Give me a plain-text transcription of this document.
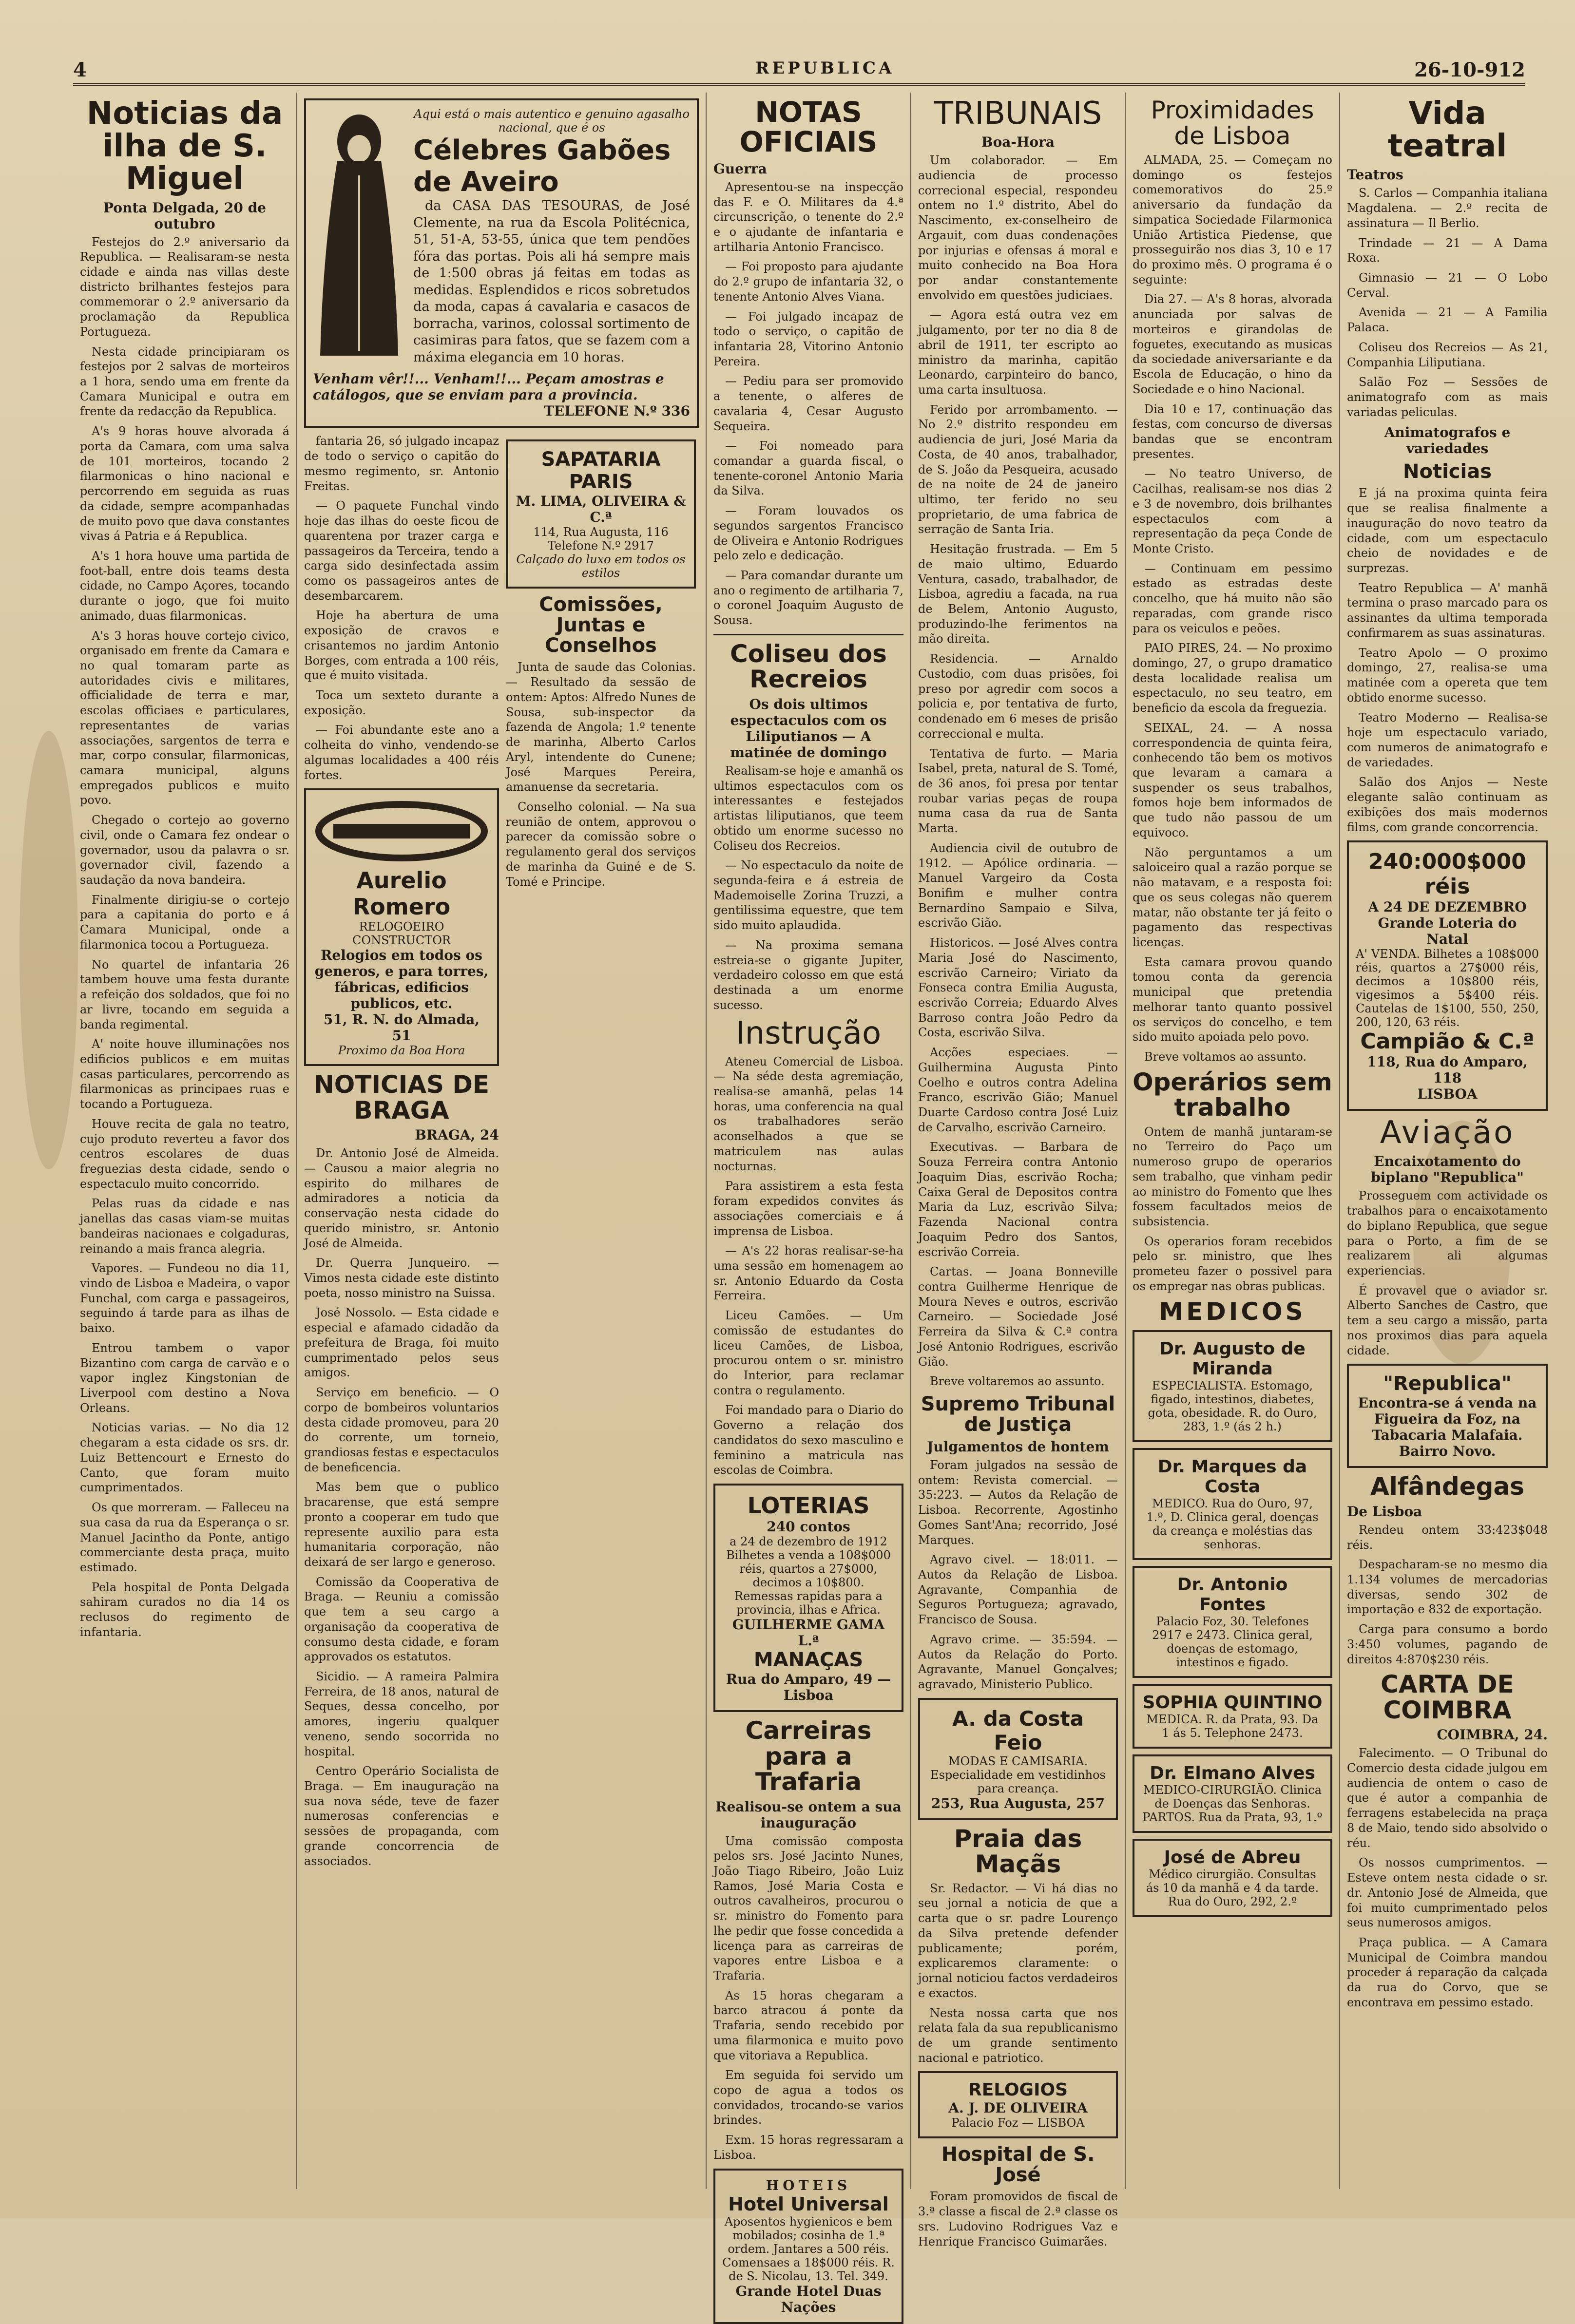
4	REPUBLICA	26-10-912
Noticias da ilha de S. Miguel
Ponta Delgada, 20 de outubro

Festejos do 2.º aniversario da Republica. — Realisaram-se nesta cidade e ainda nas villas deste districto brilhantes festejos para commemorar o 2.º aniversario da proclamação da Republica Portugueza.

Nesta cidade principiaram os festejos por 2 salvas de morteiros a 1 hora, sendo uma em frente da Camara Municipal e outra em frente da redacção da Republica.

A's 9 horas houve alvorada á porta da Camara, com uma salva de 101 morteiros, tocando 2 filarmonicas o hino nacional e percorrendo em seguida as ruas da cidade, sempre acompanhadas de muito povo que dava constantes vivas á Patria e á Republica.

A's 1 hora houve uma partida de foot-ball, entre dois teams desta cidade, no Campo Açores, tocando durante o jogo, que foi muito animado, duas filarmonicas.

A's 3 horas houve cortejo civico, organisado em frente da Camara e no qual tomaram parte as autoridades civis e militares, officialidade de terra e mar, escolas officiaes e particulares, representantes de varias associações, sargentos de terra e mar, corpo consular, filarmonicas, camara municipal, alguns empregados publicos e muito povo.

Chegado o cortejo ao governo civil, onde o Camara fez ondear o governador, usou da palavra o sr. governador civil, fazendo a saudação da nova bandeira.

Finalmente dirigiu-se o cortejo para a capitania do porto e á Camara Municipal, onde a filarmonica tocou a Portugueza.

No quartel de infantaria 26 tambem houve uma festa durante a refeição dos soldados, que foi no ar livre, tocando em seguida a banda regimental.

A' noite houve illuminações nos edificios publicos e em muitas casas particulares, percorrendo as filarmonicas as principaes ruas e tocando a Portugueza.

Houve recita de gala no teatro, cujo produto reverteu a favor dos centros escolares de duas freguezias desta cidade, sendo o espectaculo muito concorrido.

Pelas ruas da cidade e nas janellas das casas viam-se muitas bandeiras nacionaes e colgaduras, reinando a mais franca alegria.

Vapores. — Fundeou no dia 11, vindo de Lisboa e Madeira, o vapor Funchal, com carga e passageiros, seguindo á tarde para as ilhas de baixo.

Entrou tambem o vapor Bizantino com carga de carvão e o vapor inglez Kingstonian de Liverpool com destino a Nova Orleans.

Noticias varias. — No dia 12 chegaram a esta cidade os srs. dr. Luiz Bettencourt e Ernesto do Canto, que foram muito cumprimentados.

Os que morreram. — Falleceu na sua casa da rua da Esperança o sr. Manuel Jacintho da Ponte, antigo commerciante desta praça, muito estimado.

Pela hospital de Ponta Delgada sahiram curados no dia 14 os reclusos do regimento de infantaria.

Aqui está o mais autentico e genuino agasalho nacional, que é os
Célebres Gabões de Aveiro
da CASA DAS TESOURAS, de José Clemente, na rua da Escola Politécnica, 51, 51-A, 53-55, única que tem pendões fóra das portas. Pois ali há sempre mais de 1:500 obras já feitas em todas as medidas. Esplendidos e ricos sobretudos da moda, capas á cavalaria e casacos de borracha, varinos, colossal sortimento de casimiras para fatos, que se fazem com a máxima elegancia em 10 horas.
Venham vêr!!... Venham!!... Peçam amostras e catálogos, que se enviam para a provincia.
TELEFONE N.º 336

fantaria 26, só julgado incapaz de todo o serviço o capitão do mesmo regimento, sr. Antonio Freitas.

— O paquete Funchal vindo hoje das ilhas do oeste ficou de quarentena por trazer carga e passageiros da Terceira, tendo a carga sido desinfectada assim como os passageiros antes de desembarcarem.

Hoje ha abertura de uma exposição de cravos e crisantemos no jardim Antonio Borges, com entrada a 100 réis, que é muito visitada.

Toca um sexteto durante a exposição.

— Foi abundante este ano a colheita do vinho, vendendo-se algumas localidades a 400 réis fortes.

Aurelio Romero
RELOGOEIRO CONSTRUCTOR
Relogios em todos os generos, e para torres, fábricas, edificios publicos, etc.
51, R. N. do Almada, 51
Proximo da Boa Hora
NOTICIAS DE BRAGA
BRAGA, 24

Dr. Antonio José de Almeida. — Causou a maior alegria no espirito do milhares de admiradores a noticia da conservação nesta cidade do querido ministro, sr. Antonio José de Almeida.

Dr. Querra Junqueiro. — Vimos nesta cidade este distinto poeta, nosso ministro na Suissa.

José Nossolo. — Esta cidade e especial e afamado cidadão da prefeitura de Braga, foi muito cumprimentado pelos seus amigos.

Serviço em beneficio. — O corpo de bombeiros voluntarios desta cidade promoveu, para 20 do corrente, um torneio, grandiosas festas e espectaculos de beneficencia.

Mas bem que o publico bracarense, que está sempre pronto a cooperar em tudo que represente auxilio para esta humanitaria corporação, não deixará de ser largo e generoso.

Comissão da Cooperativa de Braga. — Reuniu a comissão que tem a seu cargo a organisação da cooperativa de consumo desta cidade, e foram approvados os estatutos.

Sicidio. — A rameira Palmira Ferreira, de 18 anos, natural de Seques, dessa concelho, por amores, ingeriu qualquer veneno, sendo socorrida no hospital.

Centro Operário Socialista de Braga. — Em inauguração na sua nova séde, teve de fazer numerosas conferencias e sessões de propaganda, com grande concorrencia de associados.

SAPATARIA PARIS
M. LIMA, OLIVEIRA & C.ª
114, Rua Augusta, 116
Telefone N.º 2917
Calçado do luxo em todos os estilos
Comissões, Juntas e Conselhos

Junta de saude das Colonias. — Resultado da sessão de ontem: Aptos: Alfredo Nunes de Sousa, sub-inspector da fazenda de Angola; 1.º tenente de marinha, Alberto Carlos Aryl, intendente do Cunene; José Marques Pereira, amanuense da secretaria.

Conselho colonial. — Na sua reunião de ontem, approvou o parecer da comissão sobre o regulamento geral dos serviços de marinha da Guiné e de S. Tomé e Principe.

NOTAS OFICIAIS
Guerra

Apresentou-se na inspecção das F. e O. Militares da 4.ª circunscrição, o tenente do 2.º e o ajudante de infantaria e artilharia Antonio Francisco.

— Foi proposto para ajudante do 2.º grupo de infantaria 32, o tenente Antonio Alves Viana.

— Foi julgado incapaz de todo o serviço, o capitão de infantaria 28, Vitorino Antonio Pereira.

— Pediu para ser promovido a tenente, o alferes de cavalaria 4, Cesar Augusto Sequeira.

— Foi nomeado para comandar a guarda fiscal, o tenente-coronel Antonio Maria da Silva.

— Foram louvados os segundos sargentos Francisco de Oliveira e Antonio Rodrigues pelo zelo e dedicação.

— Para comandar durante um ano o regimento de artilharia 7, o coronel Joaquim Augusto de Sousa.

Coliseu dos Recreios
Os dois ultimos espectaculos com os Liliputianos — A matinée de domingo

Realisam-se hoje e amanhã os ultimos espectaculos com os interessantes e festejados artistas liliputianos, que teem obtido um enorme sucesso no Coliseu dos Recreios.

— No espectaculo da noite de segunda-feira e á estreia de Mademoiselle Zorina Truzzi, a gentilissima equestre, que tem sido muito aplaudida.

— Na proxima semana estreia-se o gigante Jupiter, verdadeiro colosso em que está destinada a um enorme sucesso.

Instrução

Ateneu Comercial de Lisboa. — Na séde desta agremiação, realisa-se amanhã, pelas 14 horas, uma conferencia na qual os trabalhadores serão aconselhados a que se matriculem nas aulas nocturnas.

Para assistirem a esta festa foram expedidos convites ás associações comerciais e á imprensa de Lisboa.

— A's 22 horas realisar-se-ha uma sessão em homenagem ao sr. Antonio Eduardo da Costa Ferreira.

Liceu Camões. — Um comissão de estudantes do liceu Camões, de Lisboa, procurou ontem o sr. ministro do Interior, para reclamar contra o regulamento.

Foi mandado para o Diario do Governo a relação dos candidatos do sexo masculino e feminino a matricula nas escolas de Coimbra.

LOTERIAS
240 contos
a 24 de dezembro de 1912
Bilhetes a venda a 108$000 réis, quartos a 27$000, decimos a 10$800. Remessas rapidas para a provincia, ilhas e Africa.
GUILHERME GAMA L.ª
MANAÇAS
Rua do Amparo, 49 — Lisboa
Carreiras para a Trafaria
Realisou-se ontem a sua inauguração

Uma comissão composta pelos srs. José Jacinto Nunes, João Tiago Ribeiro, João Luiz Ramos, José Maria Costa e outros cavalheiros, procurou o sr. ministro do Fomento para lhe pedir que fosse concedida a licença para as carreiras de vapores entre Lisboa e a Trafaria.

As 15 horas chegaram a barco atracou á ponte da Trafaria, sendo recebido por uma filarmonica e muito povo que vitoriava a Republica.

Em seguida foi servido um copo de agua a todos os convidados, trocando-se varios brindes.

Exm. 15 horas regressaram a Lisboa.

HOTEIS
Hotel Universal
Aposentos hygienicos e bem mobilados; cosinha de 1.ª ordem. Jantares a 500 réis. Comensaes a 18$000 réis. R. de S. Nicolau, 13. Tel. 349.
Grande Hotel Duas Nações
TRIBUNAIS
Boa-Hora

Um colaborador. — Em audiencia de processo correcional especial, respondeu ontem no 1.º distrito, Abel do Nascimento, ex-conselheiro de Argauit, com duas condenações por injurias e ofensas á moral e muito conhecido na Boa Hora por andar constantemente envolvido em questões judiciaes.

— Agora está outra vez em julgamento, por ter no dia 8 de abril de 1911, ter escripto ao ministro da marinha, capitão Leonardo, carpinteiro do banco, uma carta insultuosa.

Ferido por arrombamento. — No 2.º distrito respondeu em audiencia de juri, José Maria da Costa, de 40 anos, trabalhador, de S. João da Pesqueira, acusado de na noite de 24 de janeiro ultimo, ter ferido no seu proprietario, de uma fabrica de serração de Santa Iria.

Hesitação frustrada. — Em 5 de maio ultimo, Eduardo Ventura, casado, trabalhador, de Lisboa, agrediu a facada, na rua de Belem, Antonio Augusto, produzindo-lhe ferimentos na mão direita.

Residencia. — Arnaldo Custodio, com duas prisões, foi preso por agredir com socos a policia e, por tentativa de furto, condenado em 6 meses de prisão correccional e multa.

Tentativa de furto. — Maria Isabel, preta, natural de S. Tomé, de 36 anos, foi presa por tentar roubar varias peças de roupa numa casa da rua de Santa Marta.

Audiencia civil de outubro de 1912. — Apólice ordinaria. — Manuel Vargeiro da Costa Bonifim e mulher contra Bernardino Sampaio e Silva, escrivão Gião.

Historicos. — José Alves contra Maria José do Nascimento, escrivão Carneiro; Viriato da Fonseca contra Emilia Augusta, escrivão Correia; Eduardo Alves Barroso contra João Pedro da Costa, escrivão Silva.

Acções especiaes. — Guilhermina Augusta Pinto Coelho e outros contra Adelina Franco, escrivão Gião; Manuel Duarte Cardoso contra José Luiz de Carvalho, escrivão Carneiro.

Executivas. — Barbara de Souza Ferreira contra Antonio Joaquim Dias, escrivão Rocha; Caixa Geral de Depositos contra Maria da Luz, escrivão Silva; Fazenda Nacional contra Joaquim Pedro dos Santos, escrivão Correia.

Cartas. — Joana Bonneville contra Guilherme Henrique de Moura Neves e outros, escrivão Carneiro. — Sociedade José Ferreira da Silva & C.ª contra José Antonio Rodrigues, escrivão Gião.

Breve voltaremos ao assunto.

Supremo Tribunal de Justiça
Julgamentos de hontem

Foram julgados na sessão de ontem: Revista comercial. — 35:223. — Autos da Relação de Lisboa. Recorrente, Agostinho Gomes Sant'Ana; recorrido, José Marques.

Agravo civel. — 18:011. — Autos da Relação de Lisboa. Agravante, Companhia de Seguros Portugueza; agravado, Francisco de Sousa.

Agravo crime. — 35:594. — Autos da Relação do Porto. Agravante, Manuel Gonçalves; agravado, Ministerio Publico.

A. da Costa Feio
MODAS E CAMISARIA. Especialidade em vestidinhos para creança.
253, Rua Augusta, 257
Praia das Maçãs

Sr. Redactor. — Vi há dias no seu jornal a noticia de que a carta que o sr. padre Lourenço da Silva pretende defender publicamente; porém, explicaremos claramente: o jornal noticiou factos verdadeiros e exactos.

Nesta nossa carta que nos relata fala da sua republicanismo de um grande sentimento nacional e patriotico.

RELOGIOS
A. J. DE OLIVEIRA
Palacio Foz — LISBOA
Hospital de S. José
Foram promovidos de fiscal de 3.ª classe a fiscal de 2.ª classe os srs. Ludovino Rodrigues Vaz e Henrique Francisco Guimarães.
Proximidades de Lisboa

ALMADA, 25. — Começam no domingo os festejos comemorativos do 25.º aniversario da fundação da simpatica Sociedade Filarmonica União Artistica Piedense, que prosseguirão nos dias 3, 10 e 17 do proximo mês. O programa é o seguinte:

Dia 27. — A's 8 horas, alvorada anunciada por salvas de morteiros e girandolas de foguetes, executando as musicas da sociedade aniversariante e da Escola de Educação, o hino da Sociedade e o hino Nacional.

Dia 10 e 17, continuação das festas, com concurso de diversas bandas que se encontram presentes.

— No teatro Universo, de Cacilhas, realisam-se nos dias 2 e 3 de novembro, dois brilhantes espectaculos com a representação da peça Conde de Monte Cristo.

— Continuam em pessimo estado as estradas deste concelho, que há muito não são reparadas, com grande risco para os veiculos e peões.

PAIO PIRES, 24. — No proximo domingo, 27, o grupo dramatico desta localidade realisa um espectaculo, no seu teatro, em beneficio da escola da freguezia.

SEIXAL, 24. — A nossa correspondencia de quinta feira, conhecendo tão bem os motivos que levaram a camara a suspender os seus trabalhos, fomos hoje bem informados de que tudo não passou de um equivoco.

Não perguntamos a um saloiceiro qual a razão porque se não matavam, e a resposta foi: que os seus colegas não querem matar, não obstante ter já feito o pagamento das respectivas licenças.

Esta camara provou quando tomou conta da gerencia municipal que pretendia melhorar tanto quanto possivel os serviços do concelho, e tem sido muito apoiada pelo povo.

Breve voltamos ao assunto.

Operários sem trabalho

Ontem de manhã juntaram-se no Terreiro do Paço um numeroso grupo de operarios sem trabalho, que vinham pedir ao ministro do Fomento que lhes fossem facultados meios de subsistencia.

Os operarios foram recebidos pelo sr. ministro, que lhes prometeu fazer o possivel para os empregar nas obras publicas.

MEDICOS
Dr. Augusto de Miranda
ESPECIALISTA. Estomago, figado, intestinos, diabetes, gota, obesidade. R. do Ouro, 283, 1.º (ás 2 h.)
Dr. Marques da Costa
MEDICO. Rua do Ouro, 97, 1.º, D. Clinica geral, doenças da creança e moléstias das senhoras.
Dr. Antonio Fontes
Palacio Foz, 30. Telefones 2917 e 2473. Clinica geral, doenças de estomago, intestinos e figado.
SOPHIA QUINTINO
MEDICA. R. da Prata, 93. Da 1 ás 5. Telephone 2473.
Dr. Elmano Alves
MEDICO-CIRURGIÃO. Clinica de Doenças das Senhoras. PARTOS. Rua da Prata, 93, 1.º
José de Abreu
Médico cirurgião. Consultas ás 10 da manhã e 4 da tarde. Rua do Ouro, 292, 2.º
Vida teatral
Teatros

S. Carlos — Companhia italiana Magdalena. — 2.º recita de assinatura — Il Berlio.

Trindade — 21 — A Dama Roxa.

Gimnasio — 21 — O Lobo Cerval.

Avenida — 21 — A Familia Palaca.

Coliseu dos Recreios — As 21, Companhia Liliputiana.

Salão Foz — Sessões de animatografo com as mais variadas peliculas.

Animatografos e variedades
Noticias

E já na proxima quinta feira que se realisa finalmente a inauguração do novo teatro da cidade, com um espectaculo cheio de novidades e de surprezas.

Teatro Republica — A' manhã termina o praso marcado para os assinantes da ultima temporada confirmarem as suas assinaturas.

Teatro Apolo — O proximo domingo, 27, realisa-se uma matinée com a opereta que tem obtido enorme sucesso.

Teatro Moderno — Realisa-se hoje um espectaculo variado, com numeros de animatografo e de variedades.

Salão dos Anjos — Neste elegante salão continuam as exibições dos mais modernos films, com grande concorrencia.

240:000$000 réis
A 24 DE DEZEMBRO
Grande Loteria do Natal
A' VENDA. Bilhetes a 108$000 réis, quartos a 27$000 réis, decimos a 10$800 réis, vigesimos a 5$400 réis. Cautelas de 1$100, 550, 250, 200, 120, 63 réis.
Campião & C.ª
118, Rua do Amparo, 118
LISBOA
Aviação
Encaixotamento do biplano "Republica"

Prosseguem com actividade os trabalhos para o encaixotamento do biplano Republica, que segue para o Porto, a fim de se realizarem ali algumas experiencias.

É provavel que o aviador sr. Alberto Sanches de Castro, que tem a seu cargo a missão, parta nos proximos dias para aquela cidade.

"Republica"
Encontra-se á venda na Figueira da Foz, na Tabacaria Malafaia. Bairro Novo.
Alfândegas
De Lisboa

Rendeu ontem 33:423$048 réis.

Despacharam-se no mesmo dia 1.134 volumes de mercadorias diversas, sendo 302 de importação e 832 de exportação.

Carga para consumo a bordo 3:450 volumes, pagando de direitos 4:870$230 réis.

CARTA DE COIMBRA
COIMBRA, 24.

Falecimento. — O Tribunal do Comercio desta cidade julgou em audiencia de ontem o caso de que é autor a companhia de ferragens estabelecida na praça 8 de Maio, tendo sido absolvido o réu.

Os nossos cumprimentos. — Esteve ontem nesta cidade o sr. dr. Antonio José de Almeida, que foi muito cumprimentado pelos seus numerosos amigos.

Praça publica. — A Camara Municipal de Coimbra mandou proceder á reparação da calçada da rua do Corvo, que se encontrava em pessimo estado.
